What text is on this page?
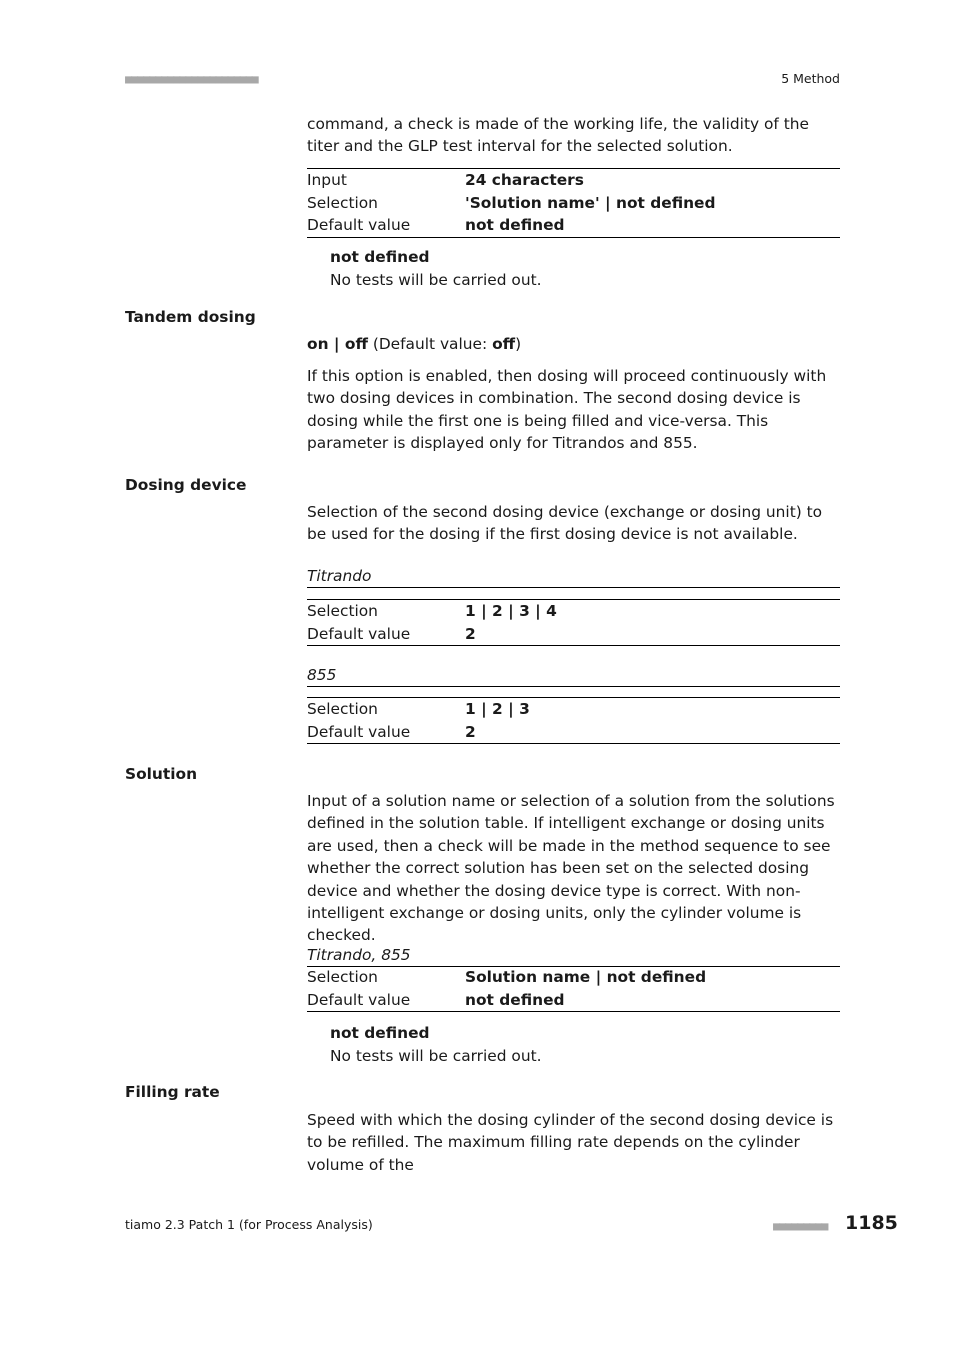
■■■■■■■■■■■■■■■■■■■■■■	5 Method
command, a check is made of the working life, the validity of the titer and the GLP test interval for the selected solution.
Input	24 characters
Selection	'Solution name' | not defined
Default value	not defined
not defined
No tests will be carried out.
Tandem dosing
on | off (Default value: off)
If this option is enabled, then dosing will proceed continuously with two dosing devices in combination. The second dosing device is dosing while the first one is being filled and vice-versa. This parameter is displayed only for Titrandos and 855.
Dosing device
Selection of the second dosing device (exchange or dosing unit) to be used for the dosing if the first dosing device is not available.
Titrando
Selection	1 | 2 | 3 | 4
Default value	2
855
Selection	1 | 2 | 3
Default value	2
Solution
Input of a solution name or selection of a solution from the solutions defined in the solution table. If intelligent exchange or dosing units are used, then a check will be made in the method sequence to see whether the correct solution has been set on the selected dosing device and whether the dosing device type is correct. With non-intelligent exchange or dosing units, only the cylinder volume is checked.
Titrando, 855
Selection	Solution name | not defined
Default value	not defined
not defined
No tests will be carried out.
Filling rate
Speed with which the dosing cylinder of the second dosing device is to be refilled. The maximum filling rate depends on the cylinder volume of the
tiamo 2.3 Patch 1 (for Process Analysis)	■■■■■■■■■ 1185
